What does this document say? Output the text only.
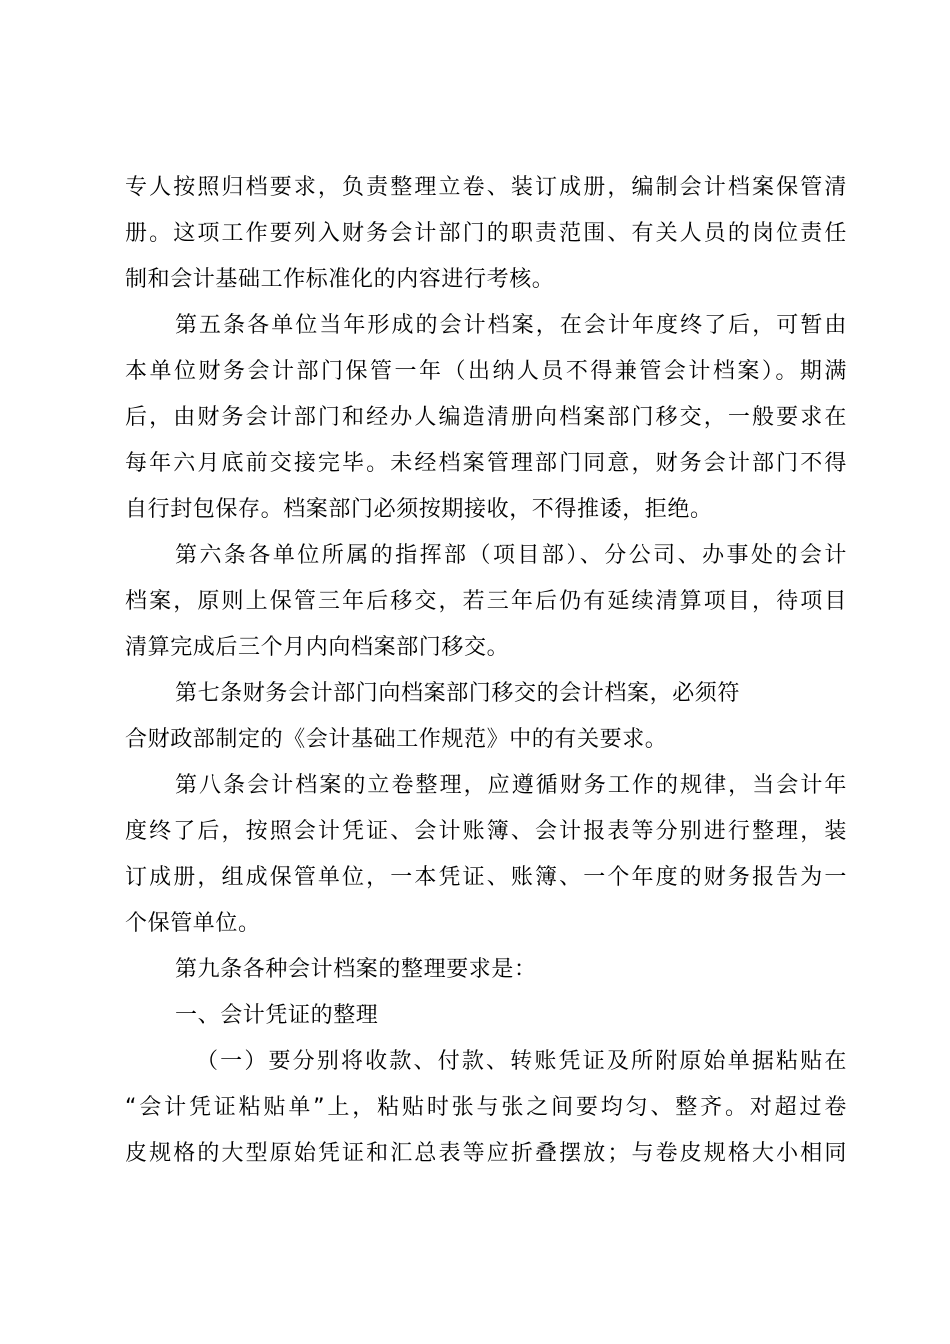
专人按照归档要求，负责整理立卷、装订成册，编制会计档案保管清
册。这项工作要列入财务会计部门的职责范围、有关人员的岗位责任
制和会计基础工作标准化的内容进行考核。
第五条各单位当年形成的会计档案，在会计年度终了后，可暂由
本单位财务会计部门保管一年（出纳人员不得兼管会计档案）。期满
后，由财务会计部门和经办人编造清册向档案部门移交，一般要求在
每年六月底前交接完毕。未经档案管理部门同意，财务会计部门不得
自行封包保存。档案部门必须按期接收，不得推诿，拒绝。
第六条各单位所属的指挥部（项目部）、分公司、办事处的会计
档案，原则上保管三年后移交，若三年后仍有延续清算项目，待项目
清算完成后三个月内向档案部门移交。
第七条财务会计部门向档案部门移交的会计档案，必须符
合财政部制定的《会计基础工作规范》中的有关要求。
第八条会计档案的立卷整理，应遵循财务工作的规律，当会计年
度终了后，按照会计凭证、会计账簿、会计报表等分别进行整理，装
订成册，组成保管单位，一本凭证、账簿、一个年度的财务报告为一
个保管单位。
第九条各种会计档案的整理要求是：
一、会计凭证的整理
（一）要分别将收款、付款、转账凭证及所附原始单据粘贴在
“会计凭证粘贴单”上，粘贴时张与张之间要均匀、整齐。对超过卷
皮规格的大型原始凭证和汇总表等应折叠摆放；与卷皮规格大小相同
